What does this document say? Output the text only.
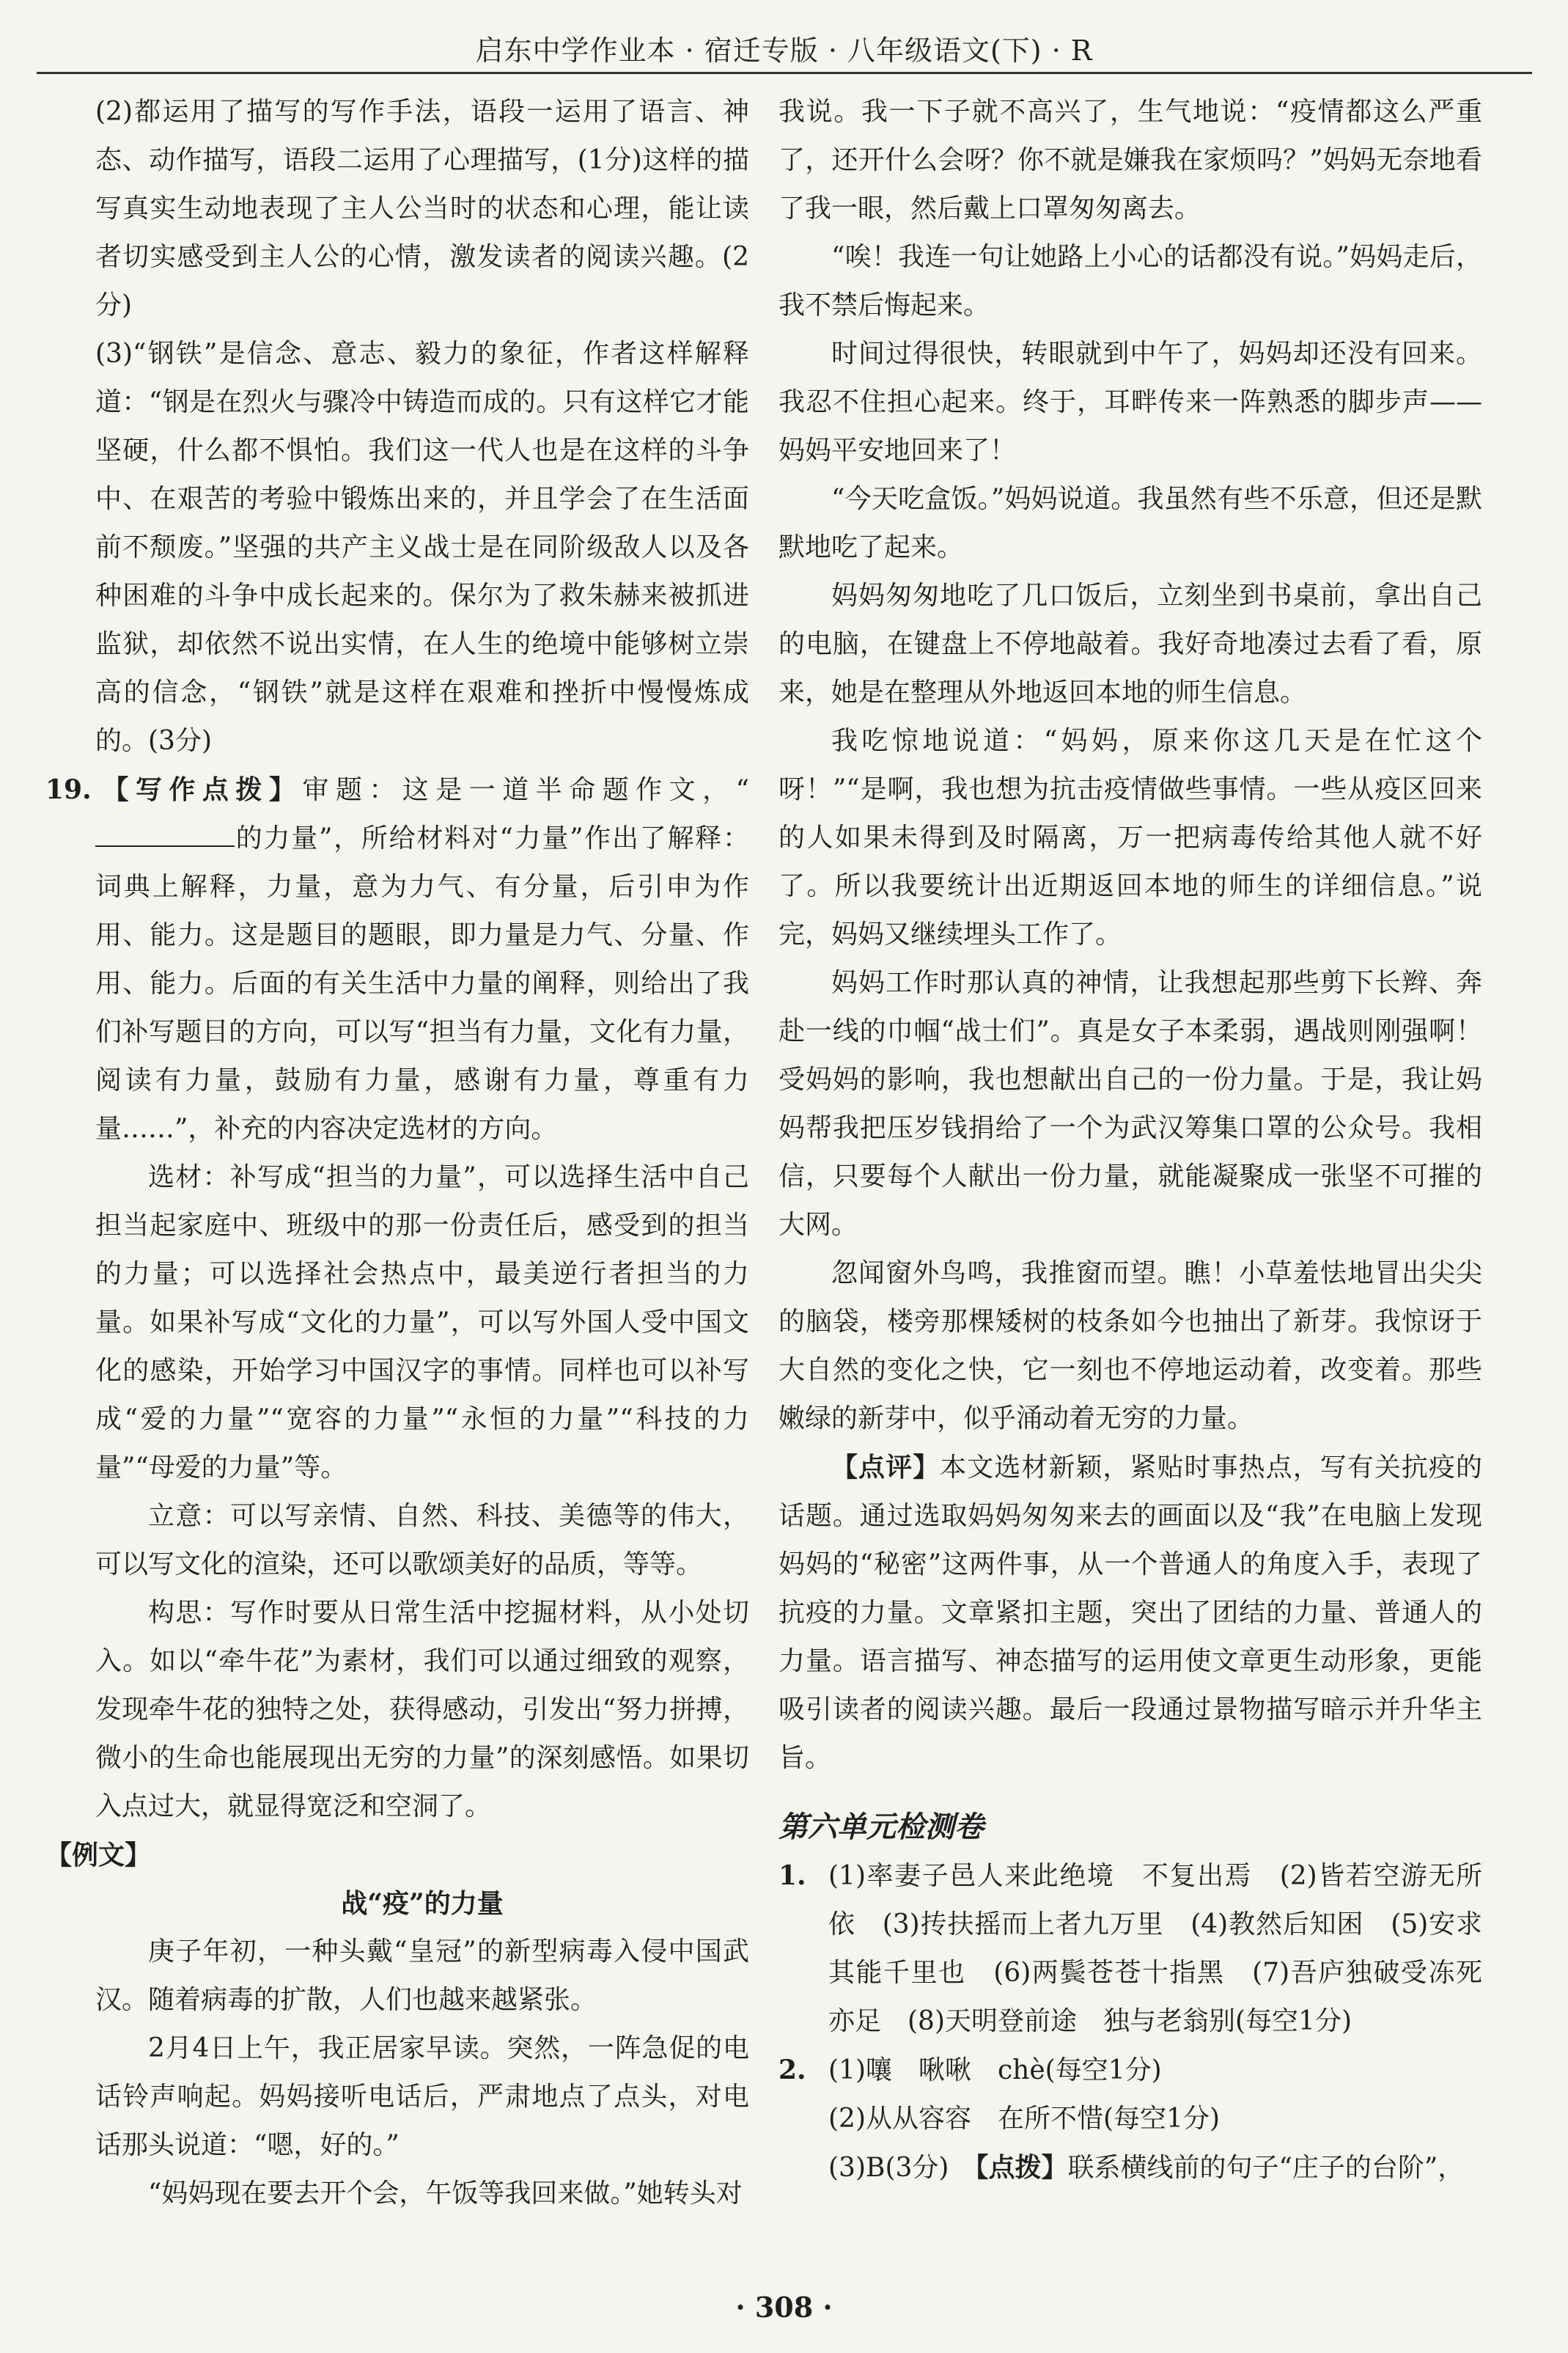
启东中学作业本 · 宿迁专版 · 八年级语文(下) · R

(2)都运用了描写的写作手法，语段一运用了语言、神态、动作描写，语段二运用了心理描写，(1分)这样的描写真实生动地表现了主人公当时的状态和心理，能让读者切实感受到主人公的心情，激发读者的阅读兴趣。(2分)

(3)“钢铁”是信念、意志、毅力的象征，作者这样解释道：“钢是在烈火与骤冷中铸造而成的。只有这样它才能坚硬，什么都不惧怕。我们这一代人也是在这样的斗争中、在艰苦的考验中锻炼出来的，并且学会了在生活面前不颓废。”坚强的共产主义战士是在同阶级敌人以及各种困难的斗争中成长起来的。保尔为了救朱赫来被抓进监狱，却依然不说出实情，在人生的绝境中能够树立崇高的信念，“钢铁”就是这样在艰难和挫折中慢慢炼成的。(3分)

19. 【写作点拨】审题：这是一道半命题作文，“的力量”，所给材料对“力量”作出了解释：词典上解释，力量，意为力气、有分量，后引申为作用、能力。这是题目的题眼，即力量是力气、分量、作用、能力。后面的有关生活中力量的阐释，则给出了我们补写题目的方向，可以写“担当有力量，文化有力量，阅读有力量，鼓励有力量，感谢有力量，尊重有力量……”，补充的内容决定选材的方向。

选材：补写成“担当的力量”，可以选择生活中自己担当起家庭中、班级中的那一份责任后，感受到的担当的力量；可以选择社会热点中，最美逆行者担当的力量。如果补写成“文化的力量”，可以写外国人受中国文化的感染，开始学习中国汉字的事情。同样也可以补写成“爱的力量”“宽容的力量”“永恒的力量”“科技的力量”“母爱的力量”等。

立意：可以写亲情、自然、科技、美德等的伟大，可以写文化的渲染，还可以歌颂美好的品质，等等。

构思：写作时要从日常生活中挖掘材料，从小处切入。如以“牵牛花”为素材，我们可以通过细致的观察，发现牵牛花的独特之处，获得感动，引发出“努力拼搏，微小的生命也能展现出无穷的力量”的深刻感悟。如果切入点过大，就显得宽泛和空洞了。

【例文】

战“疫”的力量

庚子年初，一种头戴“皇冠”的新型病毒入侵中国武汉。随着病毒的扩散，人们也越来越紧张。

2月4日上午，我正居家早读。突然，一阵急促的电话铃声响起。妈妈接听电话后，严肃地点了点头，对电话那头说道：“嗯，好的。”

“妈妈现在要去开个会，午饭等我回来做。”她转头对

我说。我一下子就不高兴了，生气地说：“疫情都这么严重了，还开什么会呀？你不就是嫌我在家烦吗？”妈妈无奈地看了我一眼，然后戴上口罩匆匆离去。

“唉！我连一句让她路上小心的话都没有说。”妈妈走后，我不禁后悔起来。

时间过得很快，转眼就到中午了，妈妈却还没有回来。我忍不住担心起来。终于，耳畔传来一阵熟悉的脚步声——妈妈平安地回来了！

“今天吃盒饭。”妈妈说道。我虽然有些不乐意，但还是默默地吃了起来。

妈妈匆匆地吃了几口饭后，立刻坐到书桌前，拿出自己的电脑，在键盘上不停地敲着。我好奇地凑过去看了看，原来，她是在整理从外地返回本地的师生信息。

我吃惊地说道：“妈妈，原来你这几天是在忙这个呀！”“是啊，我也想为抗击疫情做些事情。一些从疫区回来的人如果未得到及时隔离，万一把病毒传给其他人就不好了。所以我要统计出近期返回本地的师生的详细信息。”说完，妈妈又继续埋头工作了。

妈妈工作时那认真的神情，让我想起那些剪下长辫、奔赴一线的巾帼“战士们”。真是女子本柔弱，遇战则刚强啊！受妈妈的影响，我也想献出自己的一份力量。于是，我让妈妈帮我把压岁钱捐给了一个为武汉筹集口罩的公众号。我相信，只要每个人献出一份力量，就能凝聚成一张坚不可摧的大网。

忽闻窗外鸟鸣，我推窗而望。瞧！小草羞怯地冒出尖尖的脑袋，楼旁那棵矮树的枝条如今也抽出了新芽。我惊讶于大自然的变化之快，它一刻也不停地运动着，改变着。那些嫩绿的新芽中，似乎涌动着无穷的力量。

【点评】本文选材新颖，紧贴时事热点，写有关抗疫的话题。通过选取妈妈匆匆来去的画面以及“我”在电脑上发现妈妈的“秘密”这两件事，从一个普通人的角度入手，表现了抗疫的力量。文章紧扣主题，突出了团结的力量、普通人的力量。语言描写、神态描写的运用使文章更生动形象，更能吸引读者的阅读兴趣。最后一段通过景物描写暗示并升华主旨。

第六单元检测卷

1. (1)率妻子邑人来此绝境　不复出焉　(2)皆若空游无所依　(3)抟扶摇而上者九万里　(4)教然后知困　(5)安求其能千里也　(6)两鬓苍苍十指黑　(7)吾庐独破受冻死亦足　(8)天明登前途　独与老翁别(每空1分)

2. (1)嚷　啾啾　chè(每空1分)

(2)从从容容　在所不惜(每空1分)

(3)B(3分)　【点拨】联系横线前的句子“庄子的台阶”，

· 308 ·
